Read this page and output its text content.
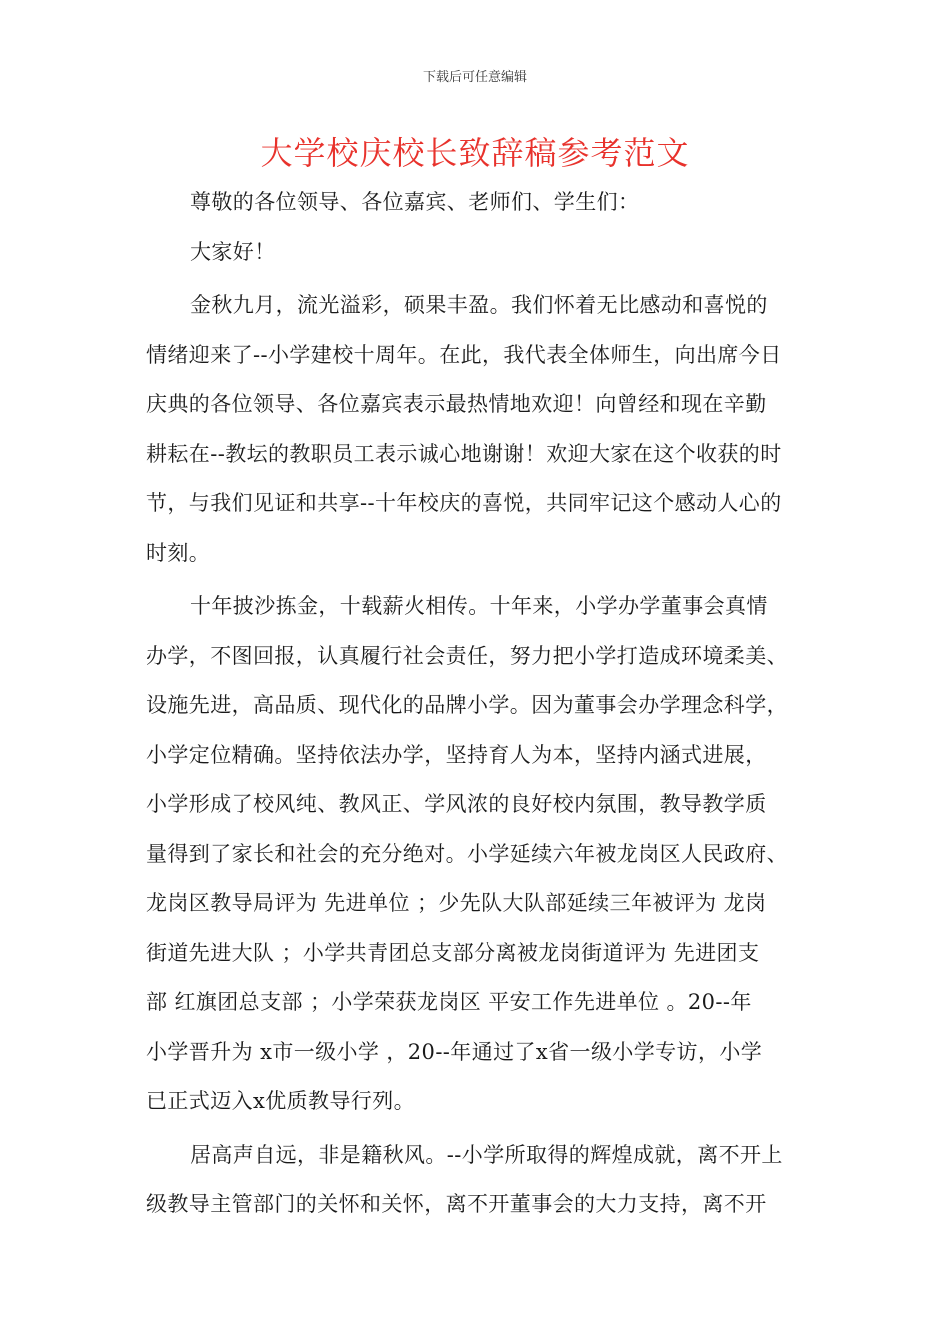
下载后可任意编辑
大学校庆校长致辞稿参考范文
尊敬的各位领导、各位嘉宾、老师们、学生们：
大家好！
金秋九月，流光溢彩，硕果丰盈。我们怀着无比感动和喜悦的
情绪迎来了--小学建校十周年。在此，我代表全体师生，向出席今日
庆典的各位领导、各位嘉宾表示最热情地欢迎！向曾经和现在辛勤
耕耘在--教坛的教职员工表示诚心地谢谢！欢迎大家在这个收获的时
节，与我们见证和共享--十年校庆的喜悦，共同牢记这个感动人心的
时刻。
十年披沙拣金，十载薪火相传。十年来，小学办学董事会真情
办学，不图回报，认真履行社会责任，努力把小学打造成环境柔美、
设施先进，高品质、现代化的品牌小学。因为董事会办学理念科学，
小学定位精确。坚持依法办学，坚持育人为本，坚持内涵式进展，
小学形成了校风纯、教风正、学风浓的良好校内氛围，教导教学质
量得到了家长和社会的充分绝对。小学延续六年被龙岗区人民政府、
龙岗区教导局评为 先进单位 ；少先队大队部延续三年被评为 龙岗
街道先进大队 ；小学共青团总支部分离被龙岗街道评为 先进团支
部 红旗团总支部 ；小学荣获龙岗区 平安工作先进单位 。20--年
小学晋升为 x市一级小学 ，20--年通过了x省一级小学专访，小学
已正式迈入x优质教导行列。
居高声自远，非是籍秋风。--小学所取得的辉煌成就，离不开上
级教导主管部门的关怀和关怀，离不开董事会的大力支持，离不开
